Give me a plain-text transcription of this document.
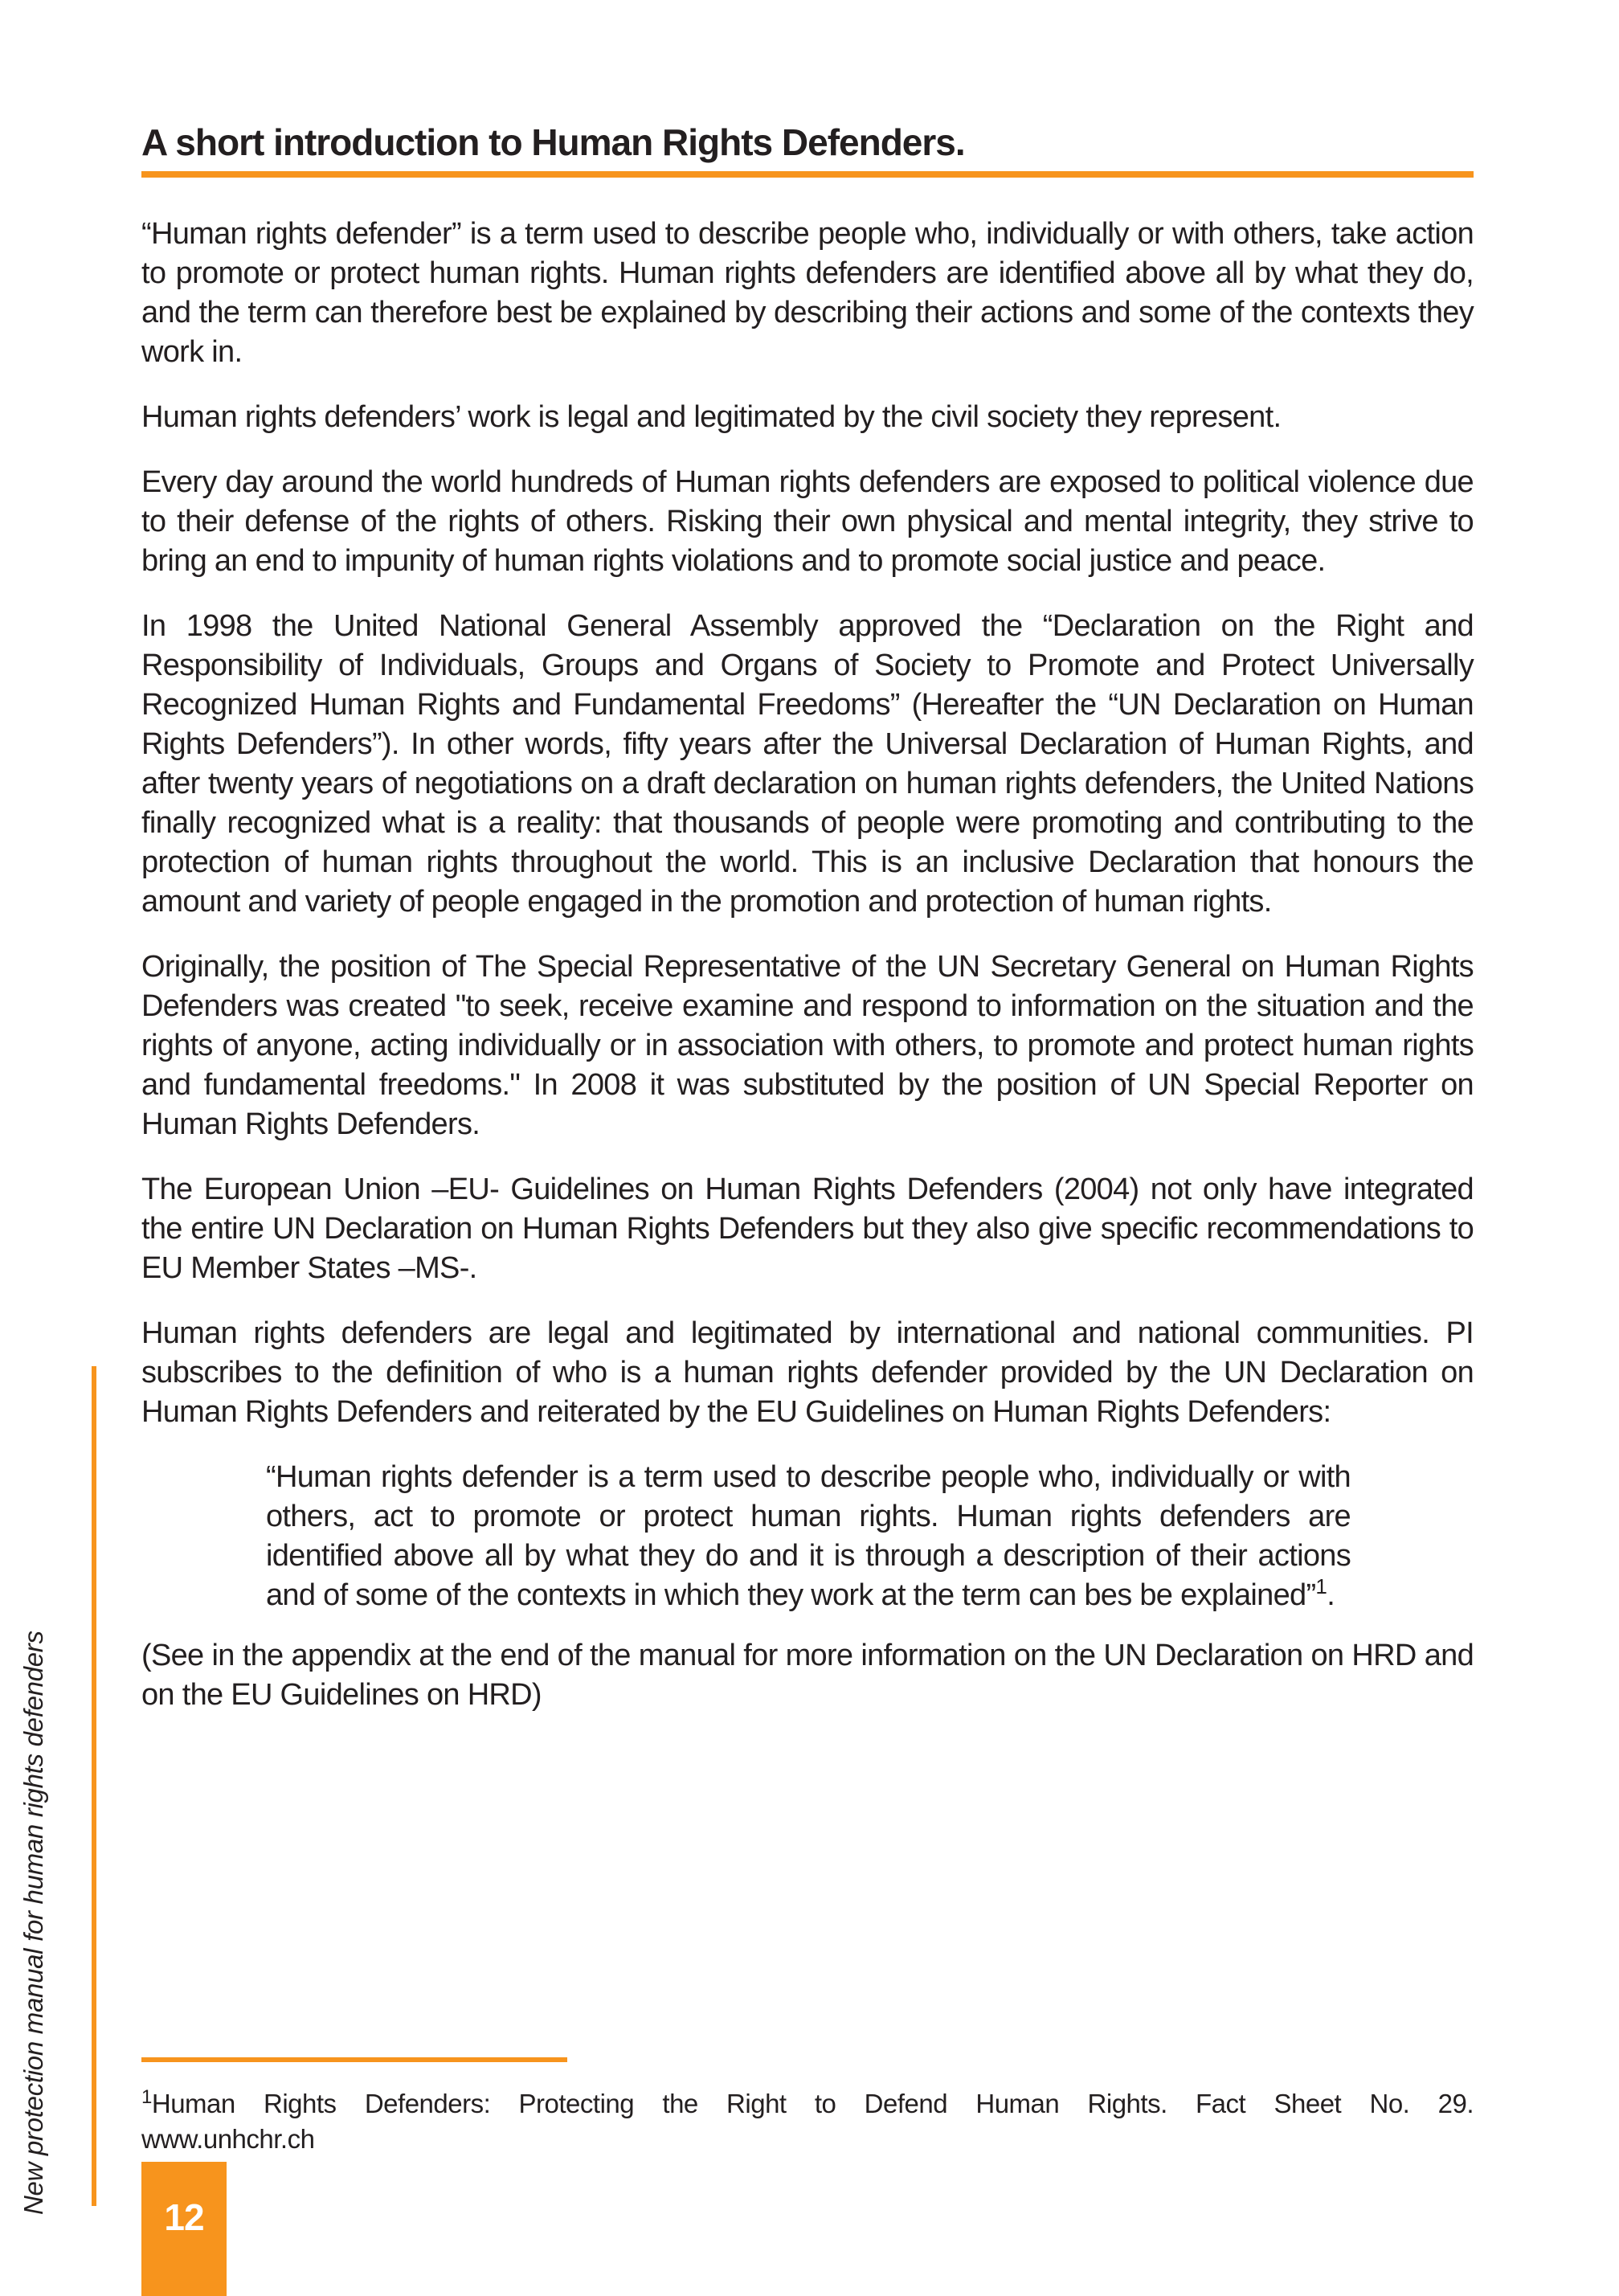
A short introduction to Human Rights Defenders.

“Human rights defender” is a term used to describe people who, individually or with others, take action to promote or protect human rights. Human rights defenders are identified above all by what they do, and the term can therefore best be explained by describing their actions and some of the contexts they work in.

Human rights defenders’ work is legal and legitimated by the civil society they represent.

Every day around the world hundreds of Human rights defenders are exposed to political violence due to their defense of the rights of others. Risking their own physical and mental integrity, they strive to bring an end to impunity of human rights violations and to promote social justice and peace.

In 1998 the United National General Assembly approved the “Declaration on the Right and Responsibility of Individuals, Groups and Organs of Society to Promote and Protect Universally Recognized Human Rights and Fundamental Freedoms” (Hereafter the “UN Declaration on Human Rights Defenders”). In other words, fifty years after the Universal Declaration of Human Rights, and after twenty years of negotiations on a draft declaration on human rights defenders, the United Nations finally recognized what is a reality: that thousands of people were promoting and contributing to the protection of human rights throughout the world. This is an inclusive Declaration that honours the amount and variety of people engaged in the promotion and protection of human rights.

Originally, the position of The Special Representative of the UN Secretary General on Human Rights Defenders was created "to seek, receive examine and respond to information on the situation and the rights of anyone, acting individually or in association with others, to promote and protect human rights and fundamental freedoms." In 2008 it was substituted by the position of UN Special Reporter on Human Rights Defenders.

The European Union –EU- Guidelines on Human Rights Defenders (2004) not only have integrated the entire UN Declaration on Human Rights Defenders but they also give specific recommendations to EU Member States –MS-.

Human rights defenders are legal and legitimated by international and national communities. PI subscribes to the definition of who is a human rights defender provided by the UN Declaration on Human Rights Defenders and reiterated by the EU Guidelines on Human Rights Defenders:

“Human rights defender is a term used to describe people who, individually or with others, act to promote or protect human rights. Human rights defenders are identified above all by what they do and it is through a description of their actions and of some of the contexts in which they work at the term can bes be explained”$^1$.

(See in the appendix at the end of the manual for more information on the UN Declaration on HRD and on the EU Guidelines on HRD)

New protection manual for human rights defenders	$^1$Human Rights Defenders: Protecting the Right to Defend Human Rights. Fact Sheet No. 29.
www.unhchr.ch
12
